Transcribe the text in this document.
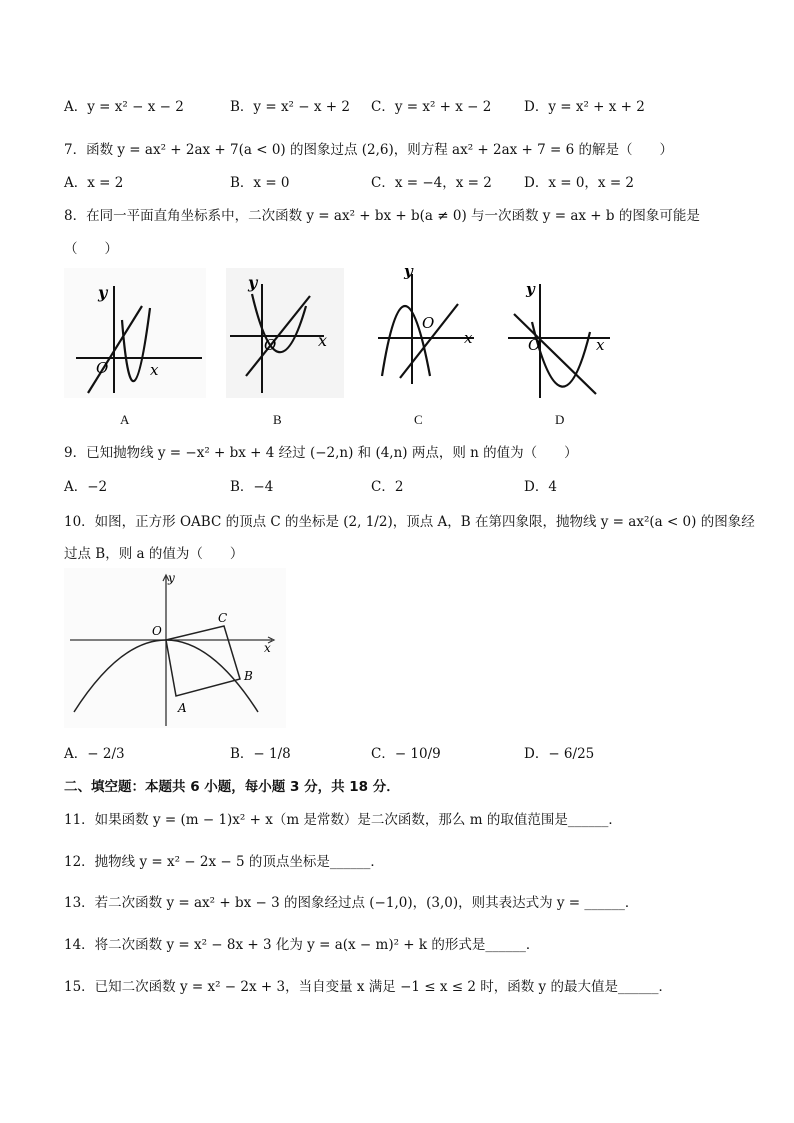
A．y = x² − x − 2	B．y = x² − x + 2 C．y = x² + x − 2 D．y = x² + x + 2
7．函数 y = ax² + 2ax + 7(a < 0) 的图象过点 (2,6)，则方程 ax² + 2ax + 7 = 6 的解是（　　）
A．x = 2	B．x = 0	C．x = −4，x = 2 D．x = 0，x = 2
8．在同一平面直角坐标系中，二次函数 y = ax² + bx + b(a ≠ 0) 与一次函数 y = ax + b 的图象可能是
（　　）
y
O	x
A
y
O	x
B
y
O
x
C
y
O	x
D
9．已知抛物线 y = −x² + bx + 4 经过 (−2,n) 和 (4,n) 两点，则 n 的值为（　　）
A．−2	B．−4	C．2	D．4
10．如图，正方形 OABC 的顶点 C 的坐标是 (2, 1/2)，顶点 A，B 在第四象限，抛物线 y = ax²(a < 0) 的图象经
过点 B，则 a 的值为（　　）
y
x
O
A
B
C
A．− 2/3	B．− 1/8	C．− 10/9	D．− 6/25
二、填空题：本题共 6 小题，每小题 3 分，共 18 分．
11．如果函数 y = (m − 1)x² + x（m 是常数）是二次函数，那么 m 的取值范围是______．
12．抛物线 y = x² − 2x − 5 的顶点坐标是______．
13．若二次函数 y = ax² + bx − 3 的图象经过点 (−1,0)，(3,0)，则其表达式为 y = ______．
14．将二次函数 y = x² − 8x + 3 化为 y = a(x − m)² + k 的形式是______．
15．已知二次函数 y = x² − 2x + 3，当自变量 x 满足 −1 ≤ x ≤ 2 时，函数 y 的最大值是______．
